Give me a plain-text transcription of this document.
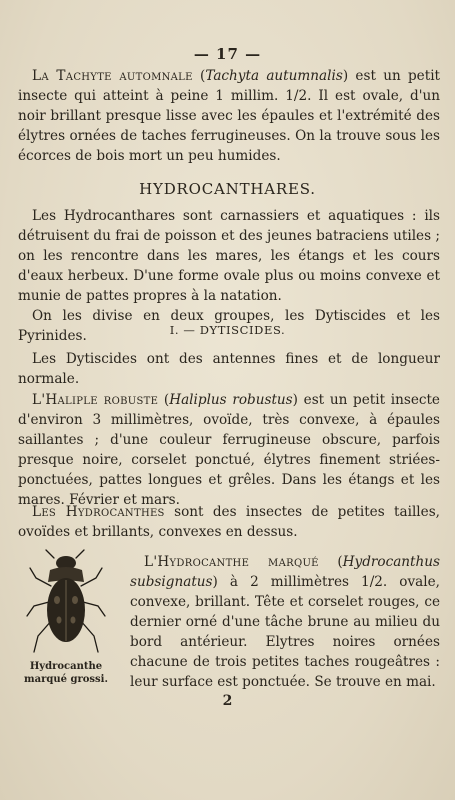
— 17 —

La Tachyte automnale (Tachyta autumnalis) est un petit insecte qui atteint à peine 1 millim. 1/2. Il est ovale, d'un noir brillant presque lisse avec les épaules et l'extrémité des élytres ornées de taches ferrugineuses. On la trouve sous les écorces de bois mort un peu humides.

HYDROCANTHARES.

Les Hydrocanthares sont carnassiers et aquatiques : ils détruisent du frai de poisson et des jeunes batraciens utiles ; on les rencontre dans les mares, les étangs et les cours d'eaux herbeux. D'une forme ovale plus ou moins convexe et munie de pattes propres à la natation.

On les divise en deux groupes, les Dytiscides et les Pyrinides.	I. — DYTISCIDES.

Les Dytiscides ont des antennes fines et de longueur normale.

L'Haliple robuste (Haliplus robustus) est un petit insecte d'environ 3 millimètres, ovoïde, très convexe, à épaules saillantes ; d'une couleur ferrugineuse obscure, parfois presque noire, corselet ponctué, élytres finement striées-ponctuées, pattes longues et grêles. Dans les étangs et les mares. Février et mars.

Les Hydrocanthes sont des insectes de petites tailles, ovoïdes et brillants, convexes en dessus.

Hydrocanthe marqué grossi.

L'Hydrocanthe marqué (Hydrocanthus subsignatus) à 2 millimètres 1/2. ovale, convexe, brillant. Tête et corselet rouges, ce dernier orné d'une tâche brune au milieu du bord antérieur. Elytres noires ornées chacune de trois petites taches rougeâtres : leur surface est ponctuée. Se trouve en mai.

2
